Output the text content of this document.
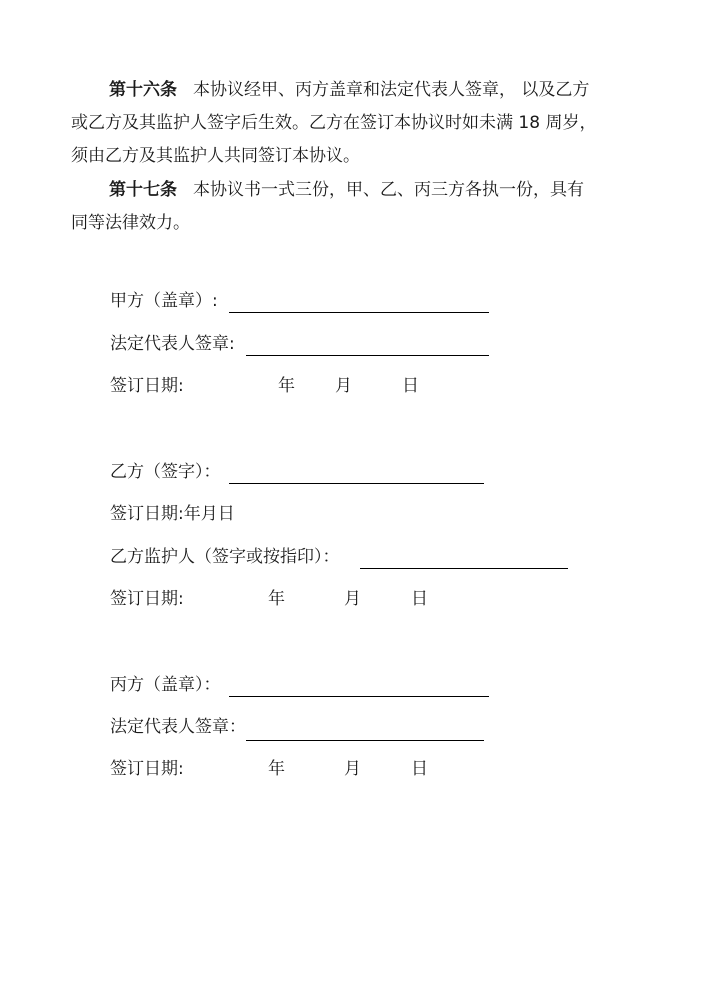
第十六条 本协议经甲、丙方盖章和法定代表人签章， 以及乙方
或乙方及其监护人签字后生效。乙方在签订本协议时如未满 18 周岁，
须由乙方及其监护人共同签订本协议。
第十七条 本协议书一式三份，甲、乙、丙三方各执一份，具有
同等法律效力。
甲方（盖章）:
法定代表人签章:
签订日期:	年 月	日
乙方（签字）：
签订日期:年月日
乙方监护人（签字或按指印）：
签订日期:	年	月	日
丙方（盖章）：
法定代表人签章：
签订日期:	年	月	日
